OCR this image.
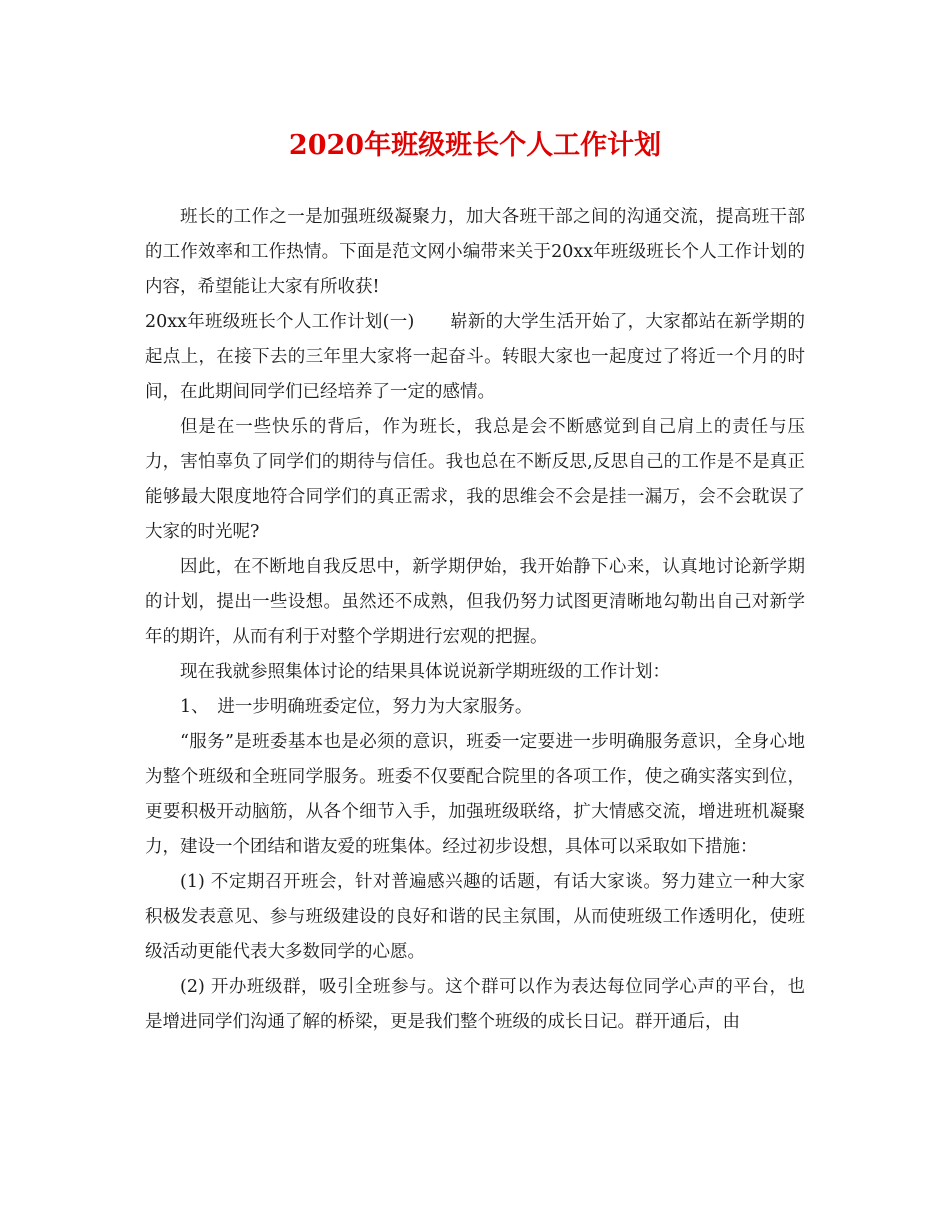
2020年班级班长个人工作计划

班长的工作之一是加强班级凝聚力，加大各班干部之间的沟通交流，提高班干部的工作效率和工作热情。下面是范文网小编带来关于20xx年班级班长个人工作计划的内容，希望能让大家有所收获!

20xx年班级班长个人工作计划(一)　　崭新的大学生活开始了，大家都站在新学期的起点上，在接下去的三年里大家将一起奋斗。转眼大家也一起度过了将近一个月的时间，在此期间同学们已经培养了一定的感情。

但是在一些快乐的背后，作为班长，我总是会不断感觉到自己肩上的责任与压力，害怕辜负了同学们的期待与信任。我也总在不断反思,反思自己的工作是不是真正能够最大限度地符合同学们的真正需求，我的思维会不会是挂一漏万，会不会耽误了大家的时光呢?

因此，在不断地自我反思中，新学期伊始，我开始静下心来，认真地讨论新学期的计划，提出一些设想。虽然还不成熟，但我仍努力试图更清晰地勾勒出自己对新学年的期许，从而有利于对整个学期进行宏观的把握。

现在我就参照集体讨论的结果具体说说新学期班级的工作计划：

1、　进一步明确班委定位，努力为大家服务。

“服务”是班委基本也是必须的意识，班委一定要进一步明确服务意识，全身心地为整个班级和全班同学服务。班委不仅要配合院里的各项工作，使之确实落实到位，更要积极开动脑筋，从各个细节入手，加强班级联络，扩大情感交流，增进班机凝聚力，建设一个团结和谐友爱的班集体。经过初步设想，具体可以采取如下措施：

(1) 不定期召开班会，针对普遍感兴趣的话题，有话大家谈。努力建立一种大家积极发表意见、参与班级建设的良好和谐的民主氛围，从而使班级工作透明化，使班级活动更能代表大多数同学的心愿。

(2) 开办班级群，吸引全班参与。这个群可以作为表达每位同学心声的平台，也是增进同学们沟通了解的桥梁，更是我们整个班级的成长日记。群开通后，由
